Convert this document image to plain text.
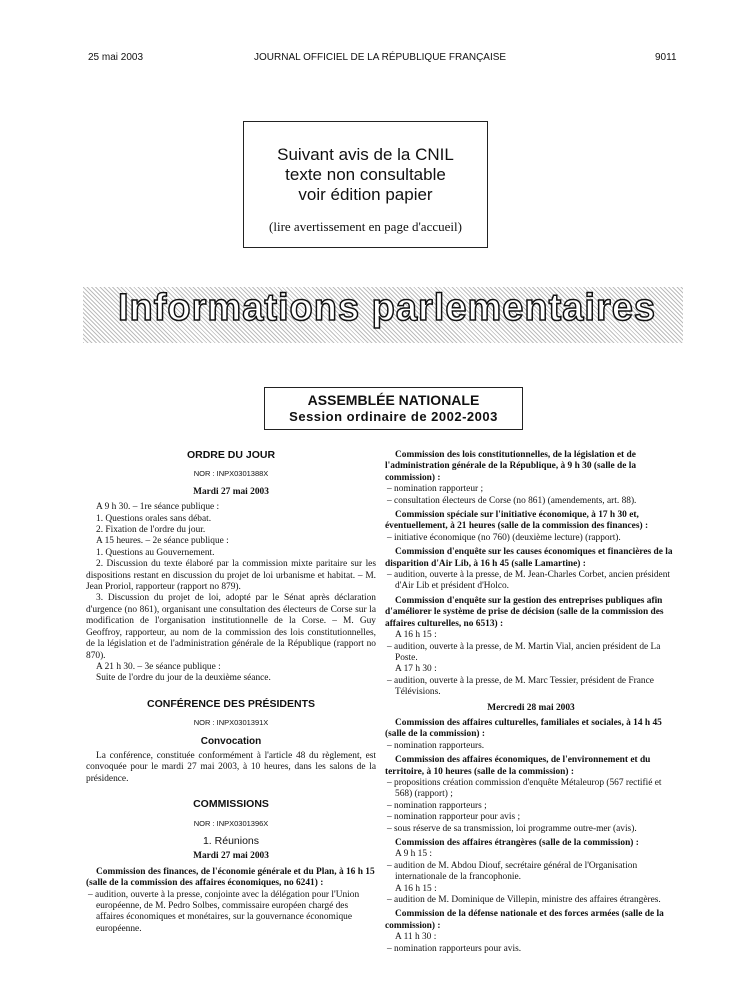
25 mai 2003	JOURNAL OFFICIEL DE LA RÉPUBLIQUE FRANÇAISE	9011
Suivant avis de la CNIL
texte non consultable
voir édition papier
(lire avertissement en page d'accueil)
Informations parlementaires
ASSEMBLÉE NATIONALE
Session ordinaire de 2002-2003
ORDRE DU JOUR
NOR : INPX0301388X
Mardi 27 mai 2003

A 9 h 30. – 1re séance publique :

1. Questions orales sans débat.

2. Fixation de l'ordre du jour.

A 15 heures. – 2e séance publique :

1. Questions au Gouvernement.

2. Discussion du texte élaboré par la commission mixte paritaire sur les dispositions restant en discussion du projet de loi urbanisme et habitat. – M. Jean Proriol, rapporteur (rapport no 879).

3. Discussion du projet de loi, adopté par le Sénat après déclaration d'urgence (no 861), organisant une consultation des électeurs de Corse sur la modification de l'organisation institutionnelle de la Corse. – M. Guy Geoffroy, rapporteur, au nom de la commission des lois constitutionnelles, de la législation et de l'administration générale de la République (rapport no 870).

A 21 h 30. – 3e séance publique :

Suite de l'ordre du jour de la deuxième séance.

CONFÉRENCE DES PRÉSIDENTS
NOR : INPX0301391X
Convocation

La conférence, constituée conformément à l'article 48 du règlement, est convoquée pour le mardi 27 mai 2003, à 10 heures, dans les salons de la présidence.

COMMISSIONS
NOR : INPX0301396X
1. Réunions
Mardi 27 mai 2003

Commission des finances, de l'économie générale et du Plan, à 16 h 15 (salle de la commission des affaires économiques, no 6241) :

– audition, ouverte à la presse, conjointe avec la délégation pour l'Union européenne, de M. Pedro Solbes, commissaire européen chargé des affaires économiques et monétaires, sur la gouvernance économique européenne.

Commission des lois constitutionnelles, de la législation et de l'administration générale de la République, à 9 h 30 (salle de la commission) :

– nomination rapporteur ;

– consultation électeurs de Corse (no 861) (amendements, art. 88).

Commission spéciale sur l'initiative économique, à 17 h 30 et, éventuellement, à 21 heures (salle de la commission des finances) :

– initiative économique (no 760) (deuxième lecture) (rapport).

Commission d'enquête sur les causes économiques et financières de la disparition d'Air Lib, à 16 h 45 (salle Lamartine) :

– audition, ouverte à la presse, de M. Jean-Charles Corbet, ancien président d'Air Lib et président d'Holco.

Commission d'enquête sur la gestion des entreprises publiques afin d'améliorer le système de prise de décision (salle de la commission des affaires culturelles, no 6513) :

A 16 h 15 :

– audition, ouverte à la presse, de M. Martin Vial, ancien président de La Poste.

A 17 h 30 :

– audition, ouverte à la presse, de M. Marc Tessier, président de France Télévisions.

Mercredi 28 mai 2003

Commission des affaires culturelles, familiales et sociales, à 14 h 45 (salle de la commission) :

– nomination rapporteurs.

Commission des affaires économiques, de l'environnement et du territoire, à 10 heures (salle de la commission) :

– propositions création commission d'enquête Métaleurop (567 rectifié et 568) (rapport) ;

– nomination rapporteurs ;

– nomination rapporteur pour avis ;

– sous réserve de sa transmission, loi programme outre-mer (avis).

Commission des affaires étrangères (salle de la commission) :

A 9 h 15 :

– audition de M. Abdou Diouf, secrétaire général de l'Organisation internationale de la francophonie.

A 16 h 15 :

– audition de M. Dominique de Villepin, ministre des affaires étrangères.

Commission de la défense nationale et des forces armées (salle de la commission) :

A 11 h 30 :

– nomination rapporteurs pour avis.
